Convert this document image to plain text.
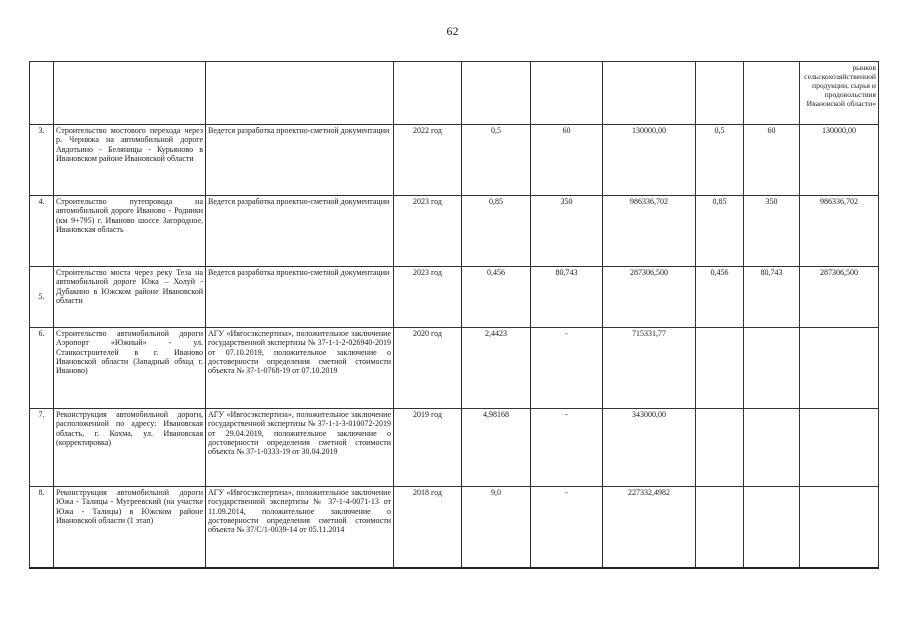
62
									рынков сельскохозяйственной продукции, сырья и продовольствия Ивановской области»
3.	Строительство мостового перехода через р. Черняжа на автомобильной дороге Авдотьино - Беляницы - Курьяново в Ивановском районе Ивановской области	Ведется разработка проектно-сметной документации	2022 год	0,5	60	130000,00	0,5	60	130000,00
4.	Строительство путепровода на автомобильной дороге Иваново - Родники (км 9+795) г. Иваново шоссе Загородное, Ивановская область	Ведется разработка проектно-сметной документации	2023 год	0,85	350	986336,702	0,85	350	986336,702
5.	Строительство моста через реку Теза на автомобильной дороге Южа – Холуй - Дубакино в Южском районе Ивановской области	Ведется разработка проектно-сметной документации	2023 год	0,456	80,743	287306,500	0,456	80,743	287306,500
6.	Строительство автомобильной дороги Аэропорт «Южный» - ул. Станкостроителей в г. Иваново Ивановской области (Западный обход г. Иваново)	АГУ «Ивгосэкспертиза», положительное заключение государственной экспертизы № 37-1-1-2-026940-2019 от 07.10.2019, положительное заключение о достоверности определения сметной стоимости объекта № 37-1-0768-19 от 07.10.2019	2020 год	2,4423	-	715331,77			
7.	Реконструкция автомобильной дороги, расположенной по адресу: Ивановская область, г. Кохма, ул. Ивановская (корректировка)	АГУ «Ивгосэкспертиза», положительное заключение государственной экспертизы № 37-1-1-3-010072-2019 от 29.04.2019, положительное заключение о достоверности определения сметной стоимости объекта № 37-1-0333-19 от 30.04.2019	2019 год	4,98168	-	343000,00			
8.	Реконструкция автомобильной дороги Южа - Талицы - Мугреевский (на участке Южа - Талицы) в Южском районе Ивановской области (1 этап)	АГУ «Ивгосэкспертиза», положительное заключение государственной экспертизы № 37-1-4-0071-13 от 11.09.2014, положительное заключение о достоверности определения сметной стоимости объекта № 37/С/1-0039-14 от 05.11.2014	2018 год	9,0	-	227332,4982			
